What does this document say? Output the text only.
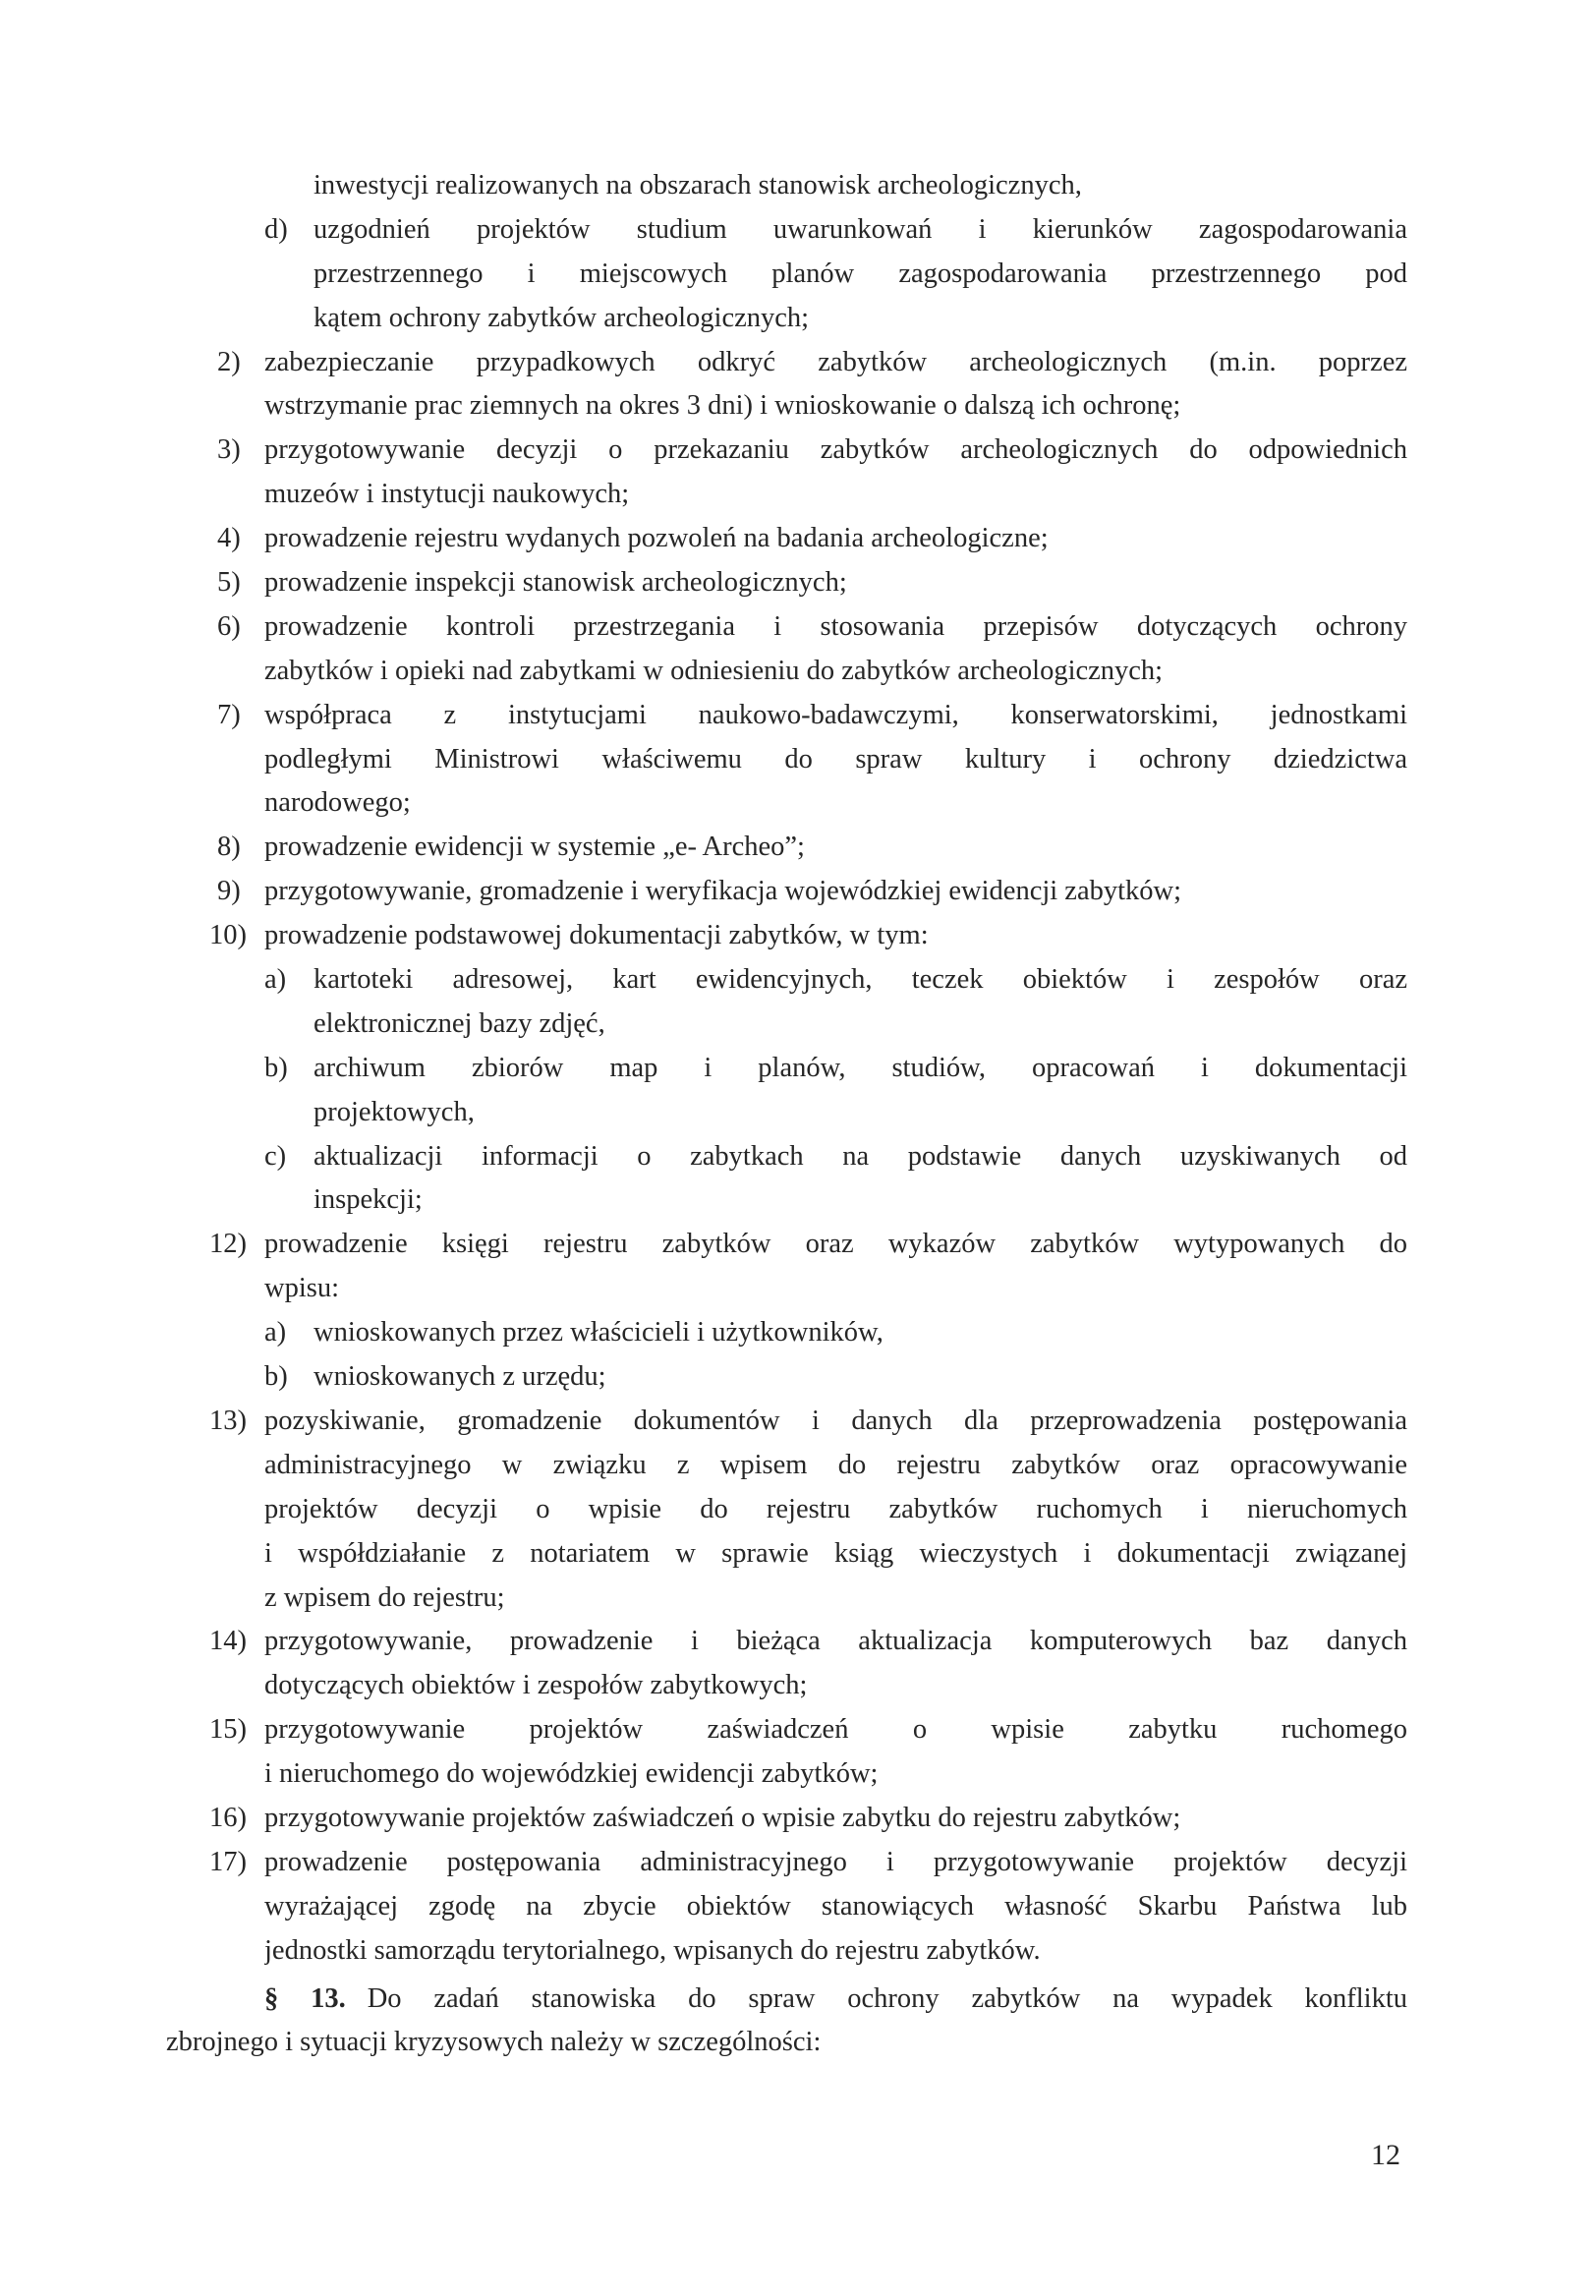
inwestycji realizowanych na obszarach stanowisk archeologicznych,
d) uzgodnień projektów studium uwarunkowań i kierunków zagospodarowania
przestrzennego i miejscowych planów zagospodarowania przestrzennego pod
kątem ochrony zabytków archeologicznych;
2) zabezpieczanie przypadkowych odkryć zabytków archeologicznych (m.in. poprzez
wstrzymanie prac ziemnych na okres 3 dni) i wnioskowanie o dalszą ich ochronę;
3) przygotowywanie decyzji o przekazaniu zabytków archeologicznych do odpowiednich
muzeów i instytucji naukowych;
4) prowadzenie rejestru wydanych pozwoleń na badania archeologiczne;
5) prowadzenie inspekcji stanowisk archeologicznych;
6) prowadzenie kontroli przestrzegania i stosowania przepisów dotyczących ochrony
zabytków i opieki nad zabytkami w odniesieniu do zabytków archeologicznych;
7) współpraca z instytucjami naukowo-badawczymi, konserwatorskimi, jednostkami
podległymi Ministrowi właściwemu do spraw kultury i ochrony dziedzictwa
narodowego;
8) prowadzenie ewidencji w systemie „e- Archeo”;
9) przygotowywanie, gromadzenie i weryfikacja wojewódzkiej ewidencji zabytków;
10) prowadzenie podstawowej dokumentacji zabytków, w tym:
a) kartoteki adresowej, kart ewidencyjnych, teczek obiektów i zespołów oraz
elektronicznej bazy zdjęć,
b) archiwum zbiorów map i planów, studiów, opracowań i dokumentacji
projektowych,
c) aktualizacji informacji o zabytkach na podstawie danych uzyskiwanych od
inspekcji;
12) prowadzenie księgi rejestru zabytków oraz wykazów zabytków wytypowanych do
wpisu:
a) wnioskowanych przez właścicieli i użytkowników,
b) wnioskowanych z urzędu;
13) pozyskiwanie, gromadzenie dokumentów i danych dla przeprowadzenia postępowania
administracyjnego w związku z wpisem do rejestru zabytków oraz opracowywanie
projektów decyzji o wpisie do rejestru zabytków ruchomych i nieruchomych
i współdziałanie z notariatem w sprawie ksiąg wieczystych i dokumentacji związanej
z wpisem do rejestru;
14) przygotowywanie, prowadzenie i bieżąca aktualizacja komputerowych baz danych
dotyczących obiektów i zespołów zabytkowych;
15) przygotowywanie projektów zaświadczeń o wpisie zabytku ruchomego
i nieruchomego do wojewódzkiej ewidencji zabytków;
16) przygotowywanie projektów zaświadczeń o wpisie zabytku do rejestru zabytków;
17) prowadzenie postępowania administracyjnego i przygotowywanie projektów decyzji
wyrażającej zgodę na zbycie obiektów stanowiących własność Skarbu Państwa lub
jednostki samorządu terytorialnego, wpisanych do rejestru zabytków.
§ 13. Do zadań stanowiska do spraw ochrony zabytków na wypadek konfliktu
zbrojnego i sytuacji kryzysowych należy w szczególności:
12
